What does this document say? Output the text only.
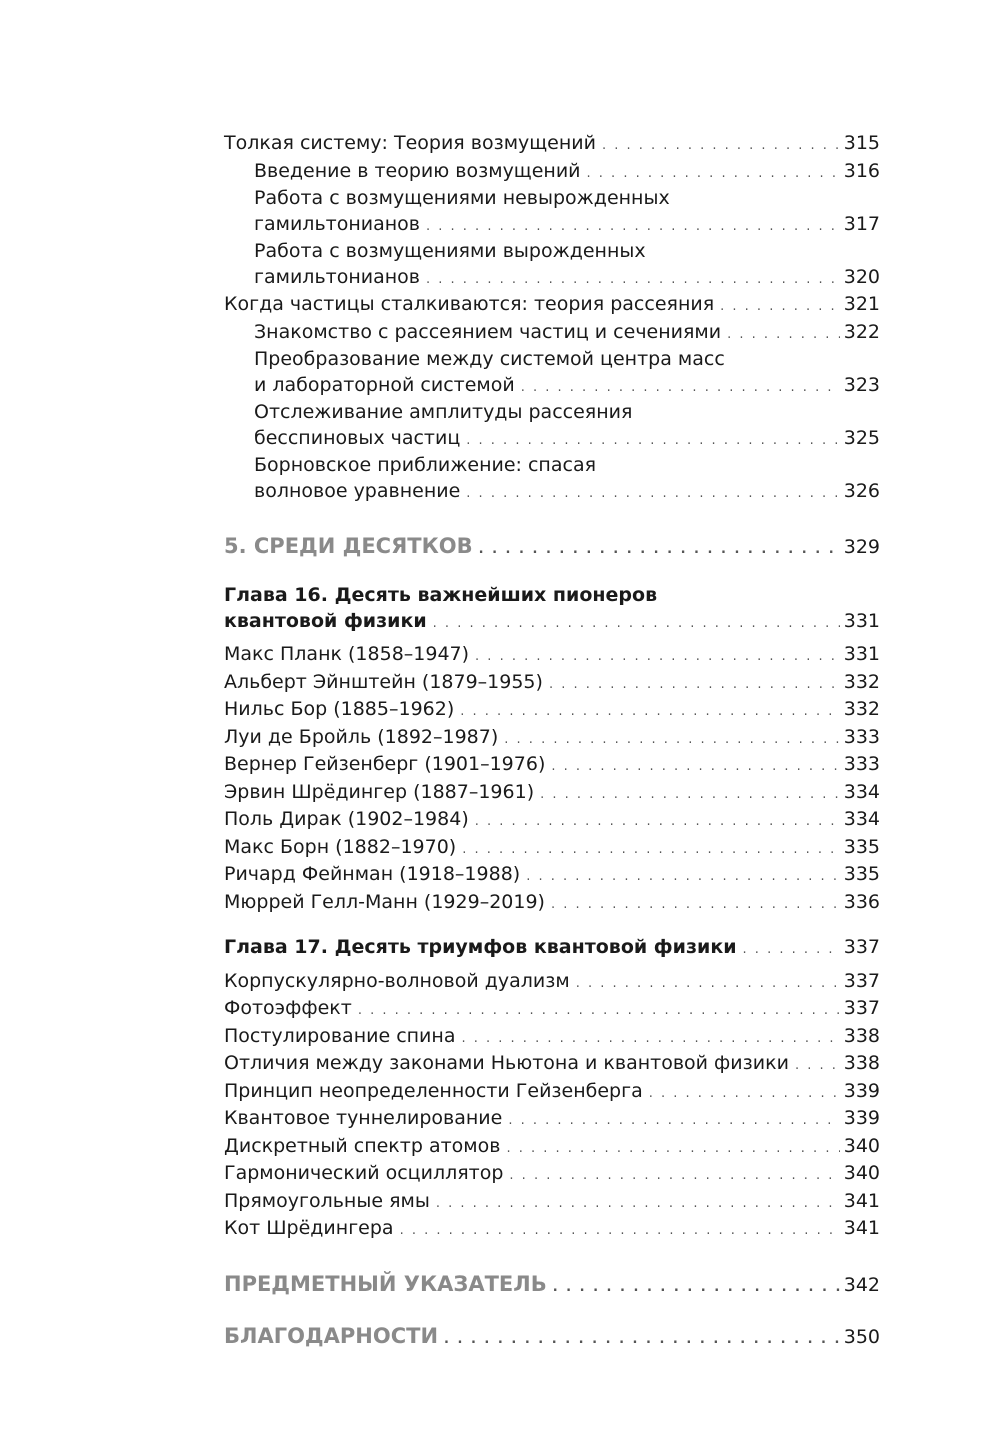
Толкая систему: Теория возмущений . . .	315
Введение в теорию возмущений . . .	316
Работа с возмущениями невырожденных
гамильтонианов . . .	317
Работа с возмущениями вырожденных
гамильтонианов . . .	320
Когда частицы сталкиваются: теория рассеяния . . .	321
Знакомство с рассеянием частиц и сечениями . . .	322
Преобразование между системой центра масс
и лабораторной системой . . .	323
Отслеживание амплитуды рассеяния
бесспиновых частиц . . .	325
Борновское приближение: спасая
волновое уравнение . . .	326
5. СРЕДИ ДЕСЯТКОВ . . .	329
Глава 16. Десять важнейших пионеров
квантовой физики . . .	331
Макс Планк (1858–1947) . . .	331
Альберт Эйнштейн (1879–1955) . . .	332
Нильс Бор (1885–1962) . . .	332
Луи де Бройль (1892–1987) . . .	333
Вернер Гейзенберг (1901–1976) . . .	333
Эрвин Шрёдингер (1887–1961) . . .	334
Поль Дирак (1902–1984) . . .	334
Макс Борн (1882–1970) . . .	335
Ричард Фейнман (1918–1988) . . .	335
Мюррей Гелл-Манн (1929–2019) . . .	336
Глава 17. Десять триумфов квантовой физики . . .	337
Корпускулярно-волновой дуализм . . .	337
Фотоэффект . . .	337
Постулирование спина . . .	338
Отличия между законами Ньютона и квантовой физики . . .	338
Принцип неопределенности Гейзенберга . . .	339
Квантовое туннелирование . . .	339
Дискретный спектр атомов . . .	340
Гармонический осциллятор . . .	340
Прямоугольные ямы . . .	341
Кот Шрёдингера . . .	341
ПРЕДМЕТНЫЙ УКАЗАТЕЛЬ . . .	342
БЛАГОДАРНОСТИ . . .	350
